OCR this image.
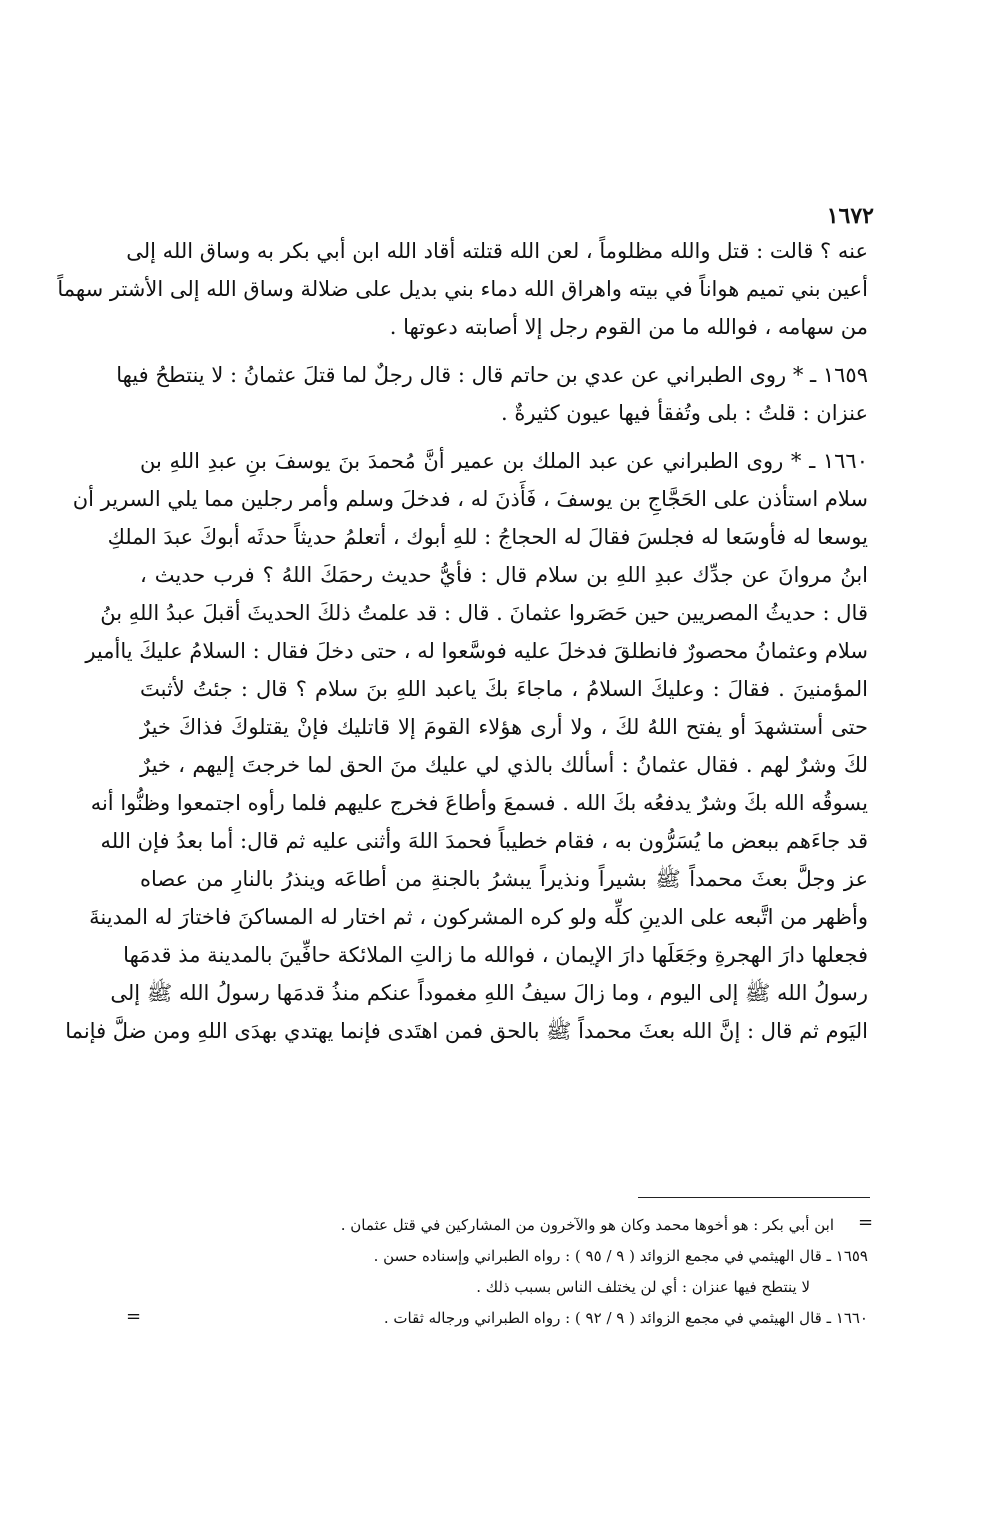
١٦٧٢
عنه ؟ قالت : قتل والله مظلوماً ، لعن الله قتلته أقاد الله ابن أبي بكر به وساق الله إلى
أعين بني تميم هواناً في بيته واهراق الله دماء بني بديل على ضلالة وساق الله إلى الأشتر سهماً
من سهامه ، فوالله ما من القوم رجل إلا أصابته دعوتها .
١٦٥٩ ـ * روى الطبراني عن عدي بن حاتم قال : قال رجلٌ لما قتلَ عثمانُ : لا ينتطحُ فيها
عنزان : قلتُ : بلى وتُفقأ فيها عيون كثيرةٌ .
١٦٦٠ ـ * روى الطبراني عن عبد الملك بن عمير أنَّ مُحمدَ بنَ يوسفَ بنِ عبدِ اللهِ بن
سلام استأذن على الحَجَّاجِ بن يوسفَ ، فَأَذنَ له ، فدخلَ وسلم وأمر رجلين مما يلي السرير أن
يوسعا له فأوسَعا له فجلسَ فقالَ له الحجاجُ : للهِ أبوك ، أتعلمُ حديثاً حدثَه أبوكَ عبدَ الملكِ
ابنُ مروانَ عن جدِّك عبدِ اللهِ بن سلام قال : فأيُّ حديث رحمَكَ اللهُ ؟ فرب حديث ،
قال : حديثُ المصريين حين حَصَروا عثمانَ . قال : قد علمتُ ذلكَ الحديثَ أقبلَ عبدُ اللهِ بنُ
سلام وعثمانُ محصورٌ فانطلقَ فدخلَ عليه فوسَّعوا له ، حتى دخلَ فقال : السلامُ عليكَ ياأمير
المؤمنينَ . فقالَ : وعليكَ السلامُ ، ماجاءَ بكَ ياعبد اللهِ بنَ سلام ؟ قال : جئتُ لأثبتَ
حتى أستشهدَ أو يفتح اللهُ لكَ ، ولا أرى هؤلاء القومَ إلا قاتليك فإنْ يقتلوكَ فذاكَ خيرٌ
لكَ وشرٌ لهم . فقال عثمانُ : أسألك بالذي لي عليك منَ الحق لما خرجتَ إليهم ، خيرٌ
يسوقُه الله بكَ وشرٌ يدفعُه بكَ الله . فسمعَ وأطاعَ فخرج عليهم فلما رأوه اجتمعوا وظنُّوا أنه
قد جاءَهم ببعض ما يُسَرُّون به ، فقام خطيباً فحمدَ اللهَ وأثنى عليه ثم قال: أما بعدُ فإن الله
عز وجلَّ بعثَ محمداً ﷺ بشيراً ونذيراً يبشرُ بالجنةِ من أطاعَه وينذرُ بالنارِ من عصاه
وأظهر من اتَّبعه على الدينِ كلِّه ولو كره المشركون ، ثم اختار له المساكنَ فاختارَ له المدينةَ
فجعلها دارَ الهجرةِ وجَعَلَها دارَ الإيمان ، فوالله ما زالتِ الملائكة حافِّينَ بالمدينة مذ قدمَها
رسولُ الله ﷺ إلى اليوم ، وما زالَ سيفُ اللهِ مغموداً عنكم منذُ قدمَها رسولُ الله ﷺ إلى
اليَوم ثم قال : إنَّ الله بعثَ محمداً ﷺ بالحق فمن اهتَدى فإنما يهتدي بهدَى اللهِ ومن ضلَّ فإنما
=
ابن أبي بكر : هو أخوها محمد وكان هو والآخرون من المشاركين في قتل عثمان .
١٦٥٩ ـ قال الهيثمي في مجمع الزوائد ( ٩ / ٩٥ ) : رواه الطبراني وإسناده حسن .
لا ينتطح فيها عنزان : أي لن يختلف الناس بسبب ذلك .
١٦٦٠ ـ قال الهيثمي في مجمع الزوائد ( ٩ / ٩٢ ) : رواه الطبراني ورجاله ثقات .
=
